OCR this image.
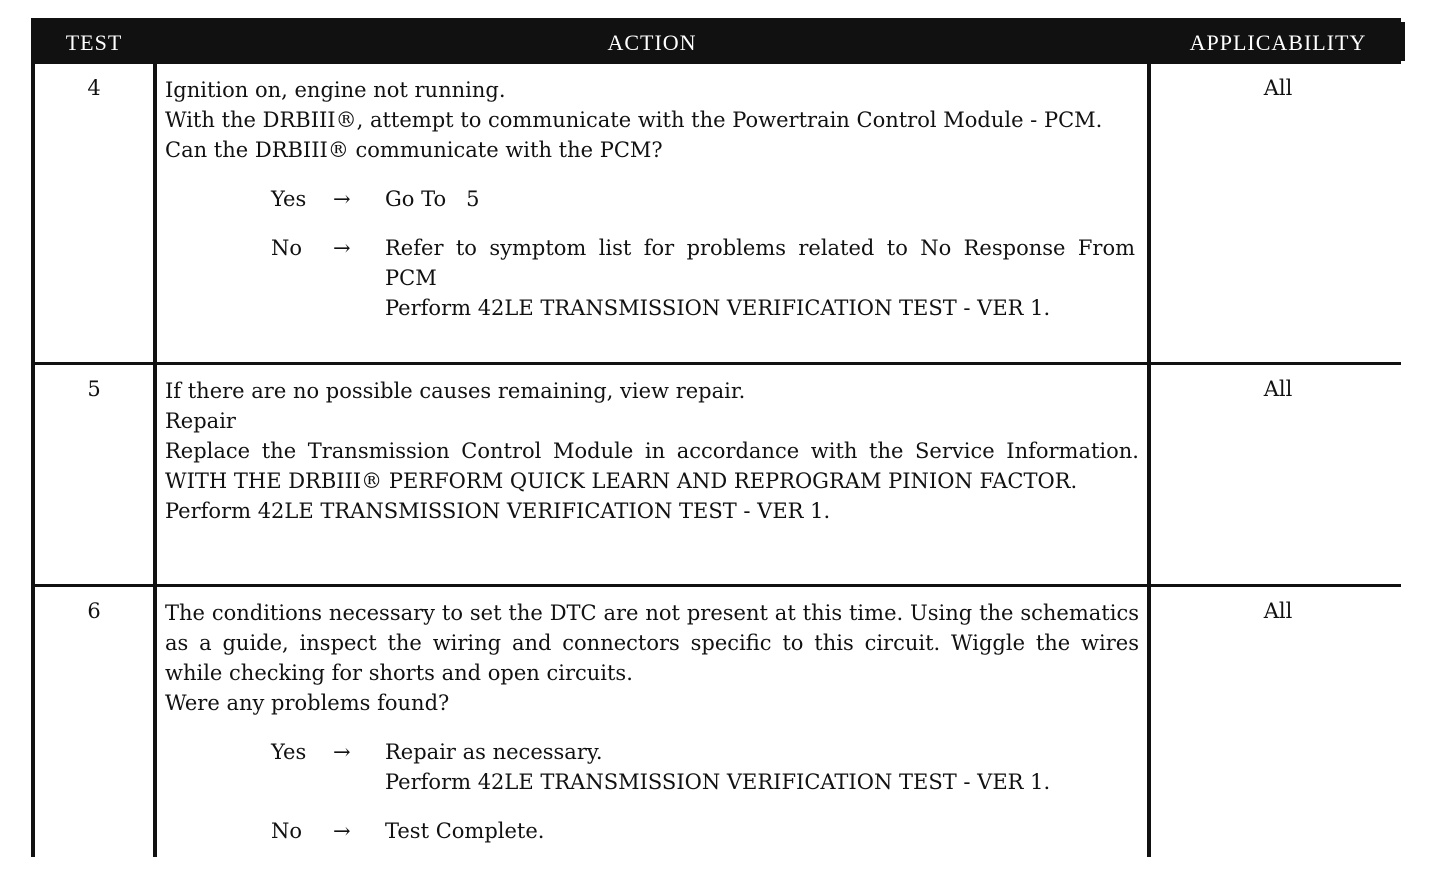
TEST	ACTION	APPLICABILITY
4	Ignition on, engine not running.

With the DRBIII®, attempt to communicate with the Powertrain Control Module - PCM.

Can the DRBIII® communicate with the PCM?

Yes	→	Go To   5

No	→	Refer to symptom list for problems related to No Response From PCM

Perform 42LE TRANSMISSION VERIFICATION TEST - VER 1.

All
5	If there are no possible causes remaining, view repair.

Repair

Replace the Transmission Control Module in accordance with the Service Information. WITH THE DRBIII® PERFORM QUICK LEARN AND REPROGRAM PINION FACTOR.

Perform 42LE TRANSMISSION VERIFICATION TEST - VER 1.

All
6	The conditions necessary to set the DTC are not present at this time. Using the schematics as a guide, inspect the wiring and connectors specific to this circuit. Wiggle the wires while checking for shorts and open circuits.

Were any problems found?

Yes	→	Repair as necessary.

Perform 42LE TRANSMISSION VERIFICATION TEST - VER 1.

No	→	Test Complete.

All
